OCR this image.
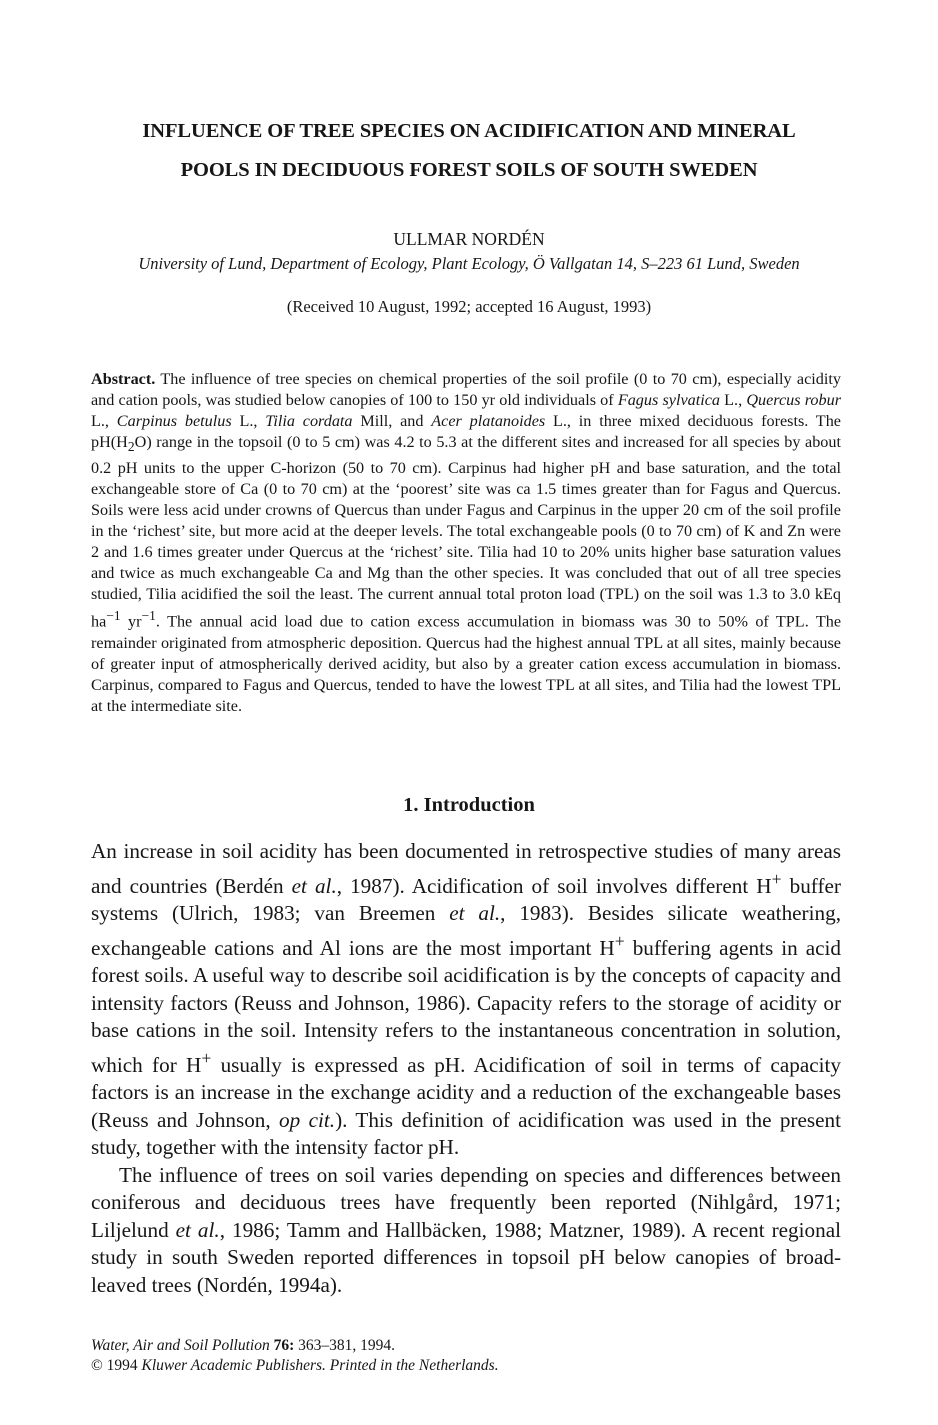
INFLUENCE OF TREE SPECIES ON ACIDIFICATION AND MINERAL
POOLS IN DECIDUOUS FOREST SOILS OF SOUTH SWEDEN

ULLMAR NORDÉN

University of Lund, Department of Ecology, Plant Ecology, Ö Vallgatan 14, S–223 61 Lund, Sweden

(Received 10 August, 1992; accepted 16 August, 1993)

Abstract. The influence of tree species on chemical properties of the soil profile (0 to 70 cm), especially acidity and cation pools, was studied below canopies of 100 to 150 yr old individuals of Fagus sylvatica L., Quercus robur L., Carpinus betulus L., Tilia cordata Mill, and Acer platanoides L., in three mixed deciduous forests. The $pH(H_2O)$ range in the topsoil (0 to 5 cm) was 4.2 to 5.3 at the different sites and increased for all species by about 0.2 pH units to the upper C-horizon (50 to 70 cm). Carpinus had higher pH and base saturation, and the total exchangeable store of Ca (0 to 70 cm) at the ‘poorest’ site was ca 1.5 times greater than for Fagus and Quercus. Soils were less acid under crowns of Quercus than under Fagus and Carpinus in the upper 20 cm of the soil profile in the ‘richest’ site, but more acid at the deeper levels. The total exchangeable pools (0 to 70 cm) of K and Zn were 2 and 1.6 times greater under Quercus at the ‘richest’ site. Tilia had 10 to 20% units higher base saturation values and twice as much exchangeable Ca and Mg than the other species. It was concluded that out of all tree species studied, Tilia acidified the soil the least. The current annual total proton load (TPL) on the soil was 1.3 to 3.0 kEq $ha^{-1}$ $yr^{-1}$. The annual acid load due to cation excess accumulation in biomass was 30 to 50% of TPL. The remainder originated from atmospheric deposition. Quercus had the highest annual TPL at all sites, mainly because of greater input of atmospherically derived acidity, but also by a greater cation excess accumulation in biomass. Carpinus, compared to Fagus and Quercus, tended to have the lowest TPL at all sites, and Tilia had the lowest TPL at the intermediate site.

1. Introduction

An increase in soil acidity has been documented in retrospective studies of many areas and countries (Berdén et al., 1987). Acidification of soil involves different H+ buffer systems (Ulrich, 1983; van Breemen et al., 1983). Besides silicate weathering, exchangeable cations and Al ions are the most important H+ buffering agents in acid forest soils. A useful way to describe soil acidification is by the concepts of capacity and intensity factors (Reuss and Johnson, 1986). Capacity refers to the storage of acidity or base cations in the soil. Intensity refers to the instantaneous concentration in solution, which for H+ usually is expressed as pH. Acidification of soil in terms of capacity factors is an increase in the exchange acidity and a reduction of the exchangeable bases (Reuss and Johnson, op cit.). This definition of acidification was used in the present study, together with the intensity factor pH.

The influence of trees on soil varies depending on species and differences between coniferous and deciduous trees have frequently been reported (Nihlgård, 1971; Liljelund et al., 1986; Tamm and Hallbäcken, 1988; Matzner, 1989). A recent regional study in south Sweden reported differences in topsoil pH below canopies of broad-leaved trees (Nordén, 1994a).

Water, Air and Soil Pollution 76: 363–381, 1994.
© 1994 Kluwer Academic Publishers. Printed in the Netherlands.
